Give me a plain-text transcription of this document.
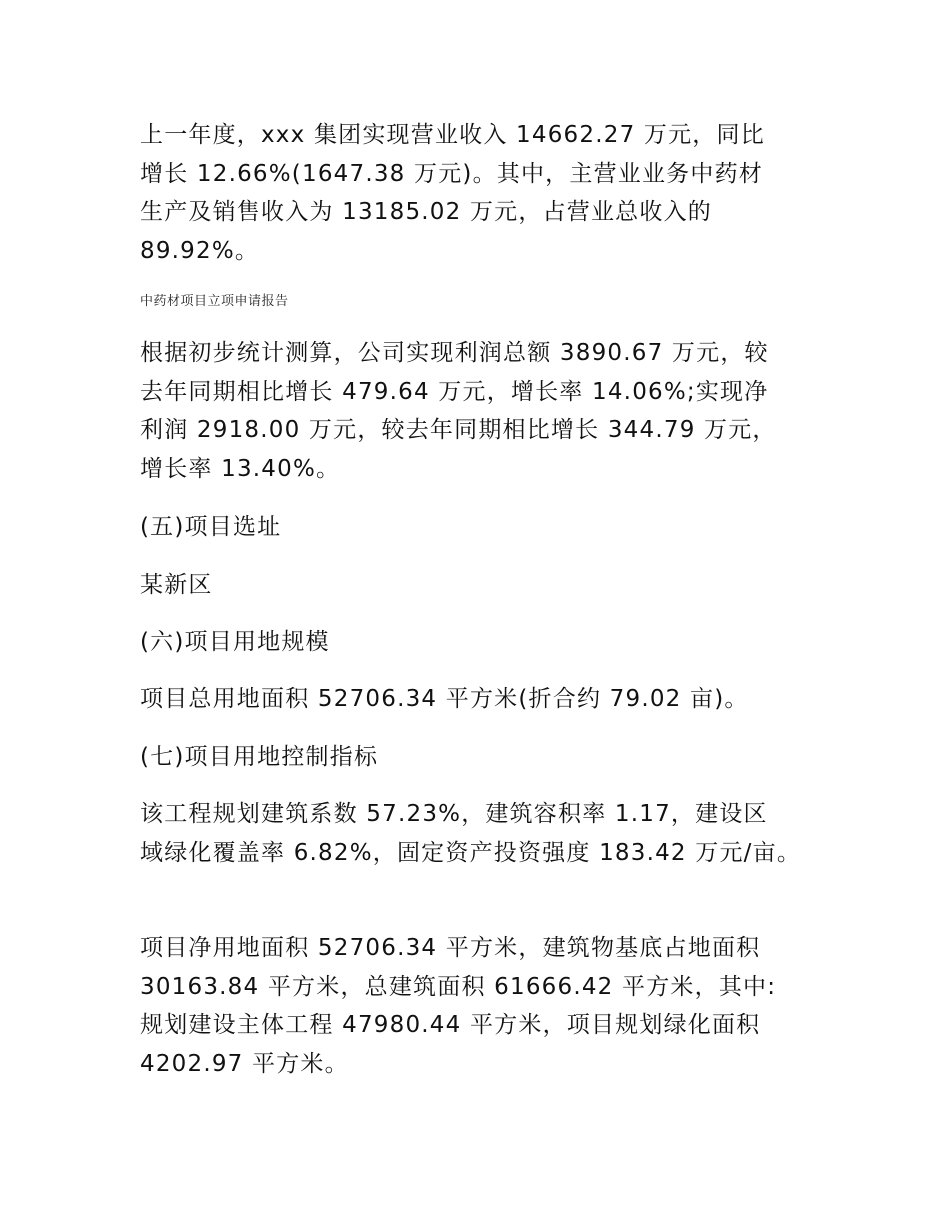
上一年度，xxx 集团实现营业收入 14662.27 万元，同比
增长 12.66%(1647.38 万元)。其中，主营业业务中药材
生产及销售收入为 13185.02 万元，占营业总收入的
89.92%。

中药材项目立项申请报告

根据初步统计测算，公司实现利润总额 3890.67 万元，较
去年同期相比增长 479.64 万元，增长率 14.06%;实现净
利润 2918.00 万元，较去年同期相比增长 344.79 万元，
增长率 13.40%。

(五)项目选址

某新区

(六)项目用地规模

项目总用地面积 52706.34 平方米(折合约 79.02 亩)。

(七)项目用地控制指标

该工程规划建筑系数 57.23%，建筑容积率 1.17，建设区
域绿化覆盖率 6.82%，固定资产投资强度 183.42 万元/亩。

项目净用地面积 52706.34 平方米，建筑物基底占地面积
30163.84 平方米，总建筑面积 61666.42 平方米，其中:
规划建设主体工程 47980.44 平方米，项目规划绿化面积
4202.97 平方米。
